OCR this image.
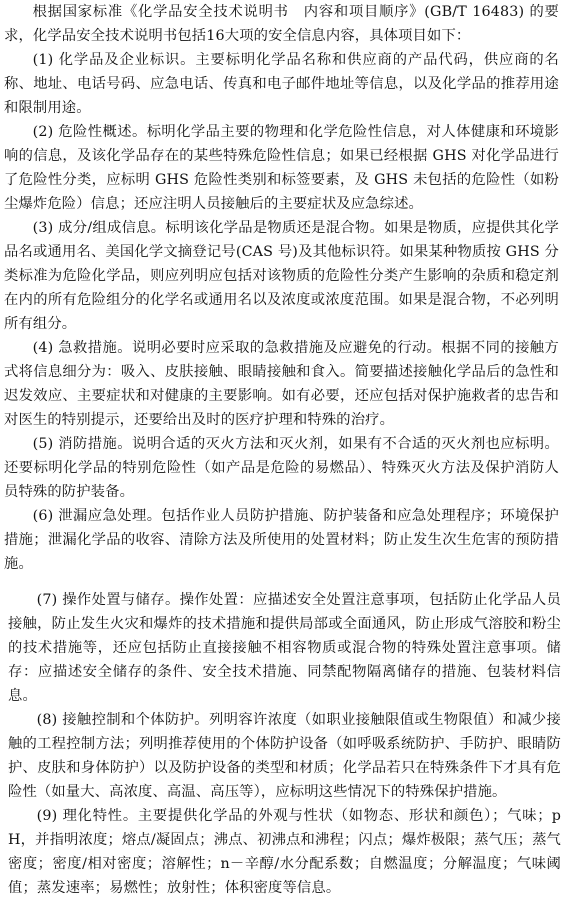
根据国家标准《化学品安全技术说明书　内容和项目顺序》(GB/T 16483) 的要求，化学品安全技术说明书包括16大项的安全信息内容，具体项目如下：

(1) 化学品及企业标识。主要标明化学品名称和供应商的产品代码，供应商的名称、地址、电话号码、应急电话、传真和电子邮件地址等信息，以及化学品的推荐用途和限制用途。

(2) 危险性概述。标明化学品主要的物理和化学危险性信息，对人体健康和环境影响的信息，及该化学品存在的某些特殊危险性信息；如果已经根据 GHS 对化学品进行了危险性分类，应标明 GHS 危险性类别和标签要素，及 GHS 未包括的危险性（如粉尘爆炸危险）信息；还应注明人员接触后的主要症状及应急综述。

(3) 成分/组成信息。标明该化学品是物质还是混合物。如果是物质，应提供其化学品名或通用名、美国化学文摘登记号(CAS 号)及其他标识符。如果某种物质按 GHS 分类标准为危险化学品，则应列明应包括对该物质的危险性分类产生影响的杂质和稳定剂在内的所有危险组分的化学名或通用名以及浓度或浓度范围。如果是混合物，不必列明所有组分。

(4) 急救措施。说明必要时应采取的急救措施及应避免的行动。根据不同的接触方式将信息细分为：吸入、皮肤接触、眼睛接触和食入。简要描述接触化学品后的急性和迟发效应、主要症状和对健康的主要影响。如有必要，还应包括对保护施救者的忠告和对医生的特别提示，还要给出及时的医疗护理和特殊的治疗。

(5) 消防措施。说明合适的灭火方法和灭火剂，如果有不合适的灭火剂也应标明。还要标明化学品的特别危险性（如产品是危险的易燃品）、特殊灭火方法及保护消防人员特殊的防护装备。

(6) 泄漏应急处理。包括作业人员防护措施、防护装备和应急处理程序；环境保护措施；泄漏化学品的收容、清除方法及所使用的处置材料；防止发生次生危害的预防措施。

(7) 操作处置与储存。操作处置：应描述安全处置注意事项，包括防止化学品人员接触，防止发生火灾和爆炸的技术措施和提供局部或全面通风，防止形成气溶胶和粉尘的技术措施等，还应包括防止直接接触不相容物质或混合物的特殊处置注意事项。储存：应描述安全储存的条件、安全技术措施、同禁配物隔离储存的措施、包装材料信息。

(8) 接触控制和个体防护。列明容许浓度（如职业接触限值或生物限值）和减少接触的工程控制方法；列明推荐使用的个体防护设备（如呼吸系统防护、手防护、眼睛防护、皮肤和身体防护）以及防护设备的类型和材质；化学品若只在特殊条件下才具有危险性（如量大、高浓度、高温、高压等），应标明这些情况下的特殊保护措施。

(9) 理化特性。主要提供化学品的外观与性状（如物态、形状和颜色）；气味；pH，并指明浓度；熔点/凝固点；沸点、初沸点和沸程；闪点；爆炸极限；蒸气压；蒸气密度；密度/相对密度；溶解性；n－辛醇/水分配系数；自燃温度；分解温度；气味阈值；蒸发速率；易燃性；放射性；体积密度等信息。
